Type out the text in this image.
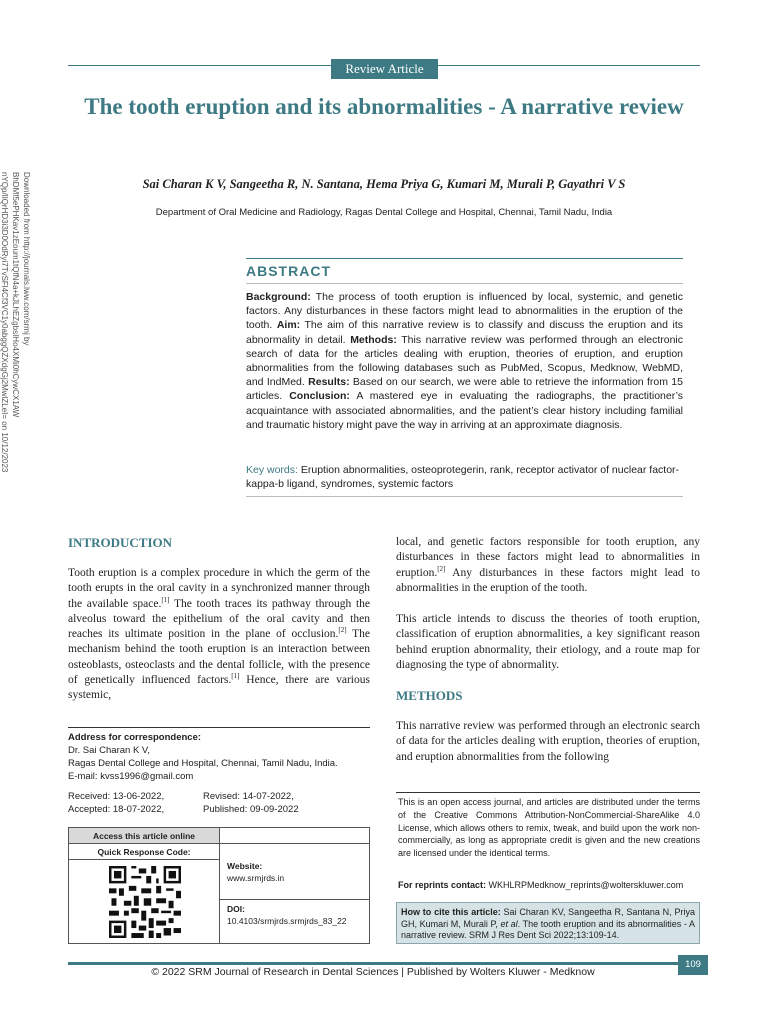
Review Article
The tooth eruption and its abnormalities - A narrative review
Sai Charan K V, Sangeetha R, N. Santana, Hema Priya G, Kumari M, Murali P, Gayathri V S
Department of Oral Medicine and Radiology, Ragas Dental College and Hospital, Chennai, Tamil Nadu, India
Downloaded from http://journals.lww.com/srmj by BhDMf5ePHKav1zEoum1tQfN4a+kJLhEZgbsIHo4XMi0hCywCX1AW nYQp/IlQrHD3i3D0OdRyi7TvSFl4Cf3VC1y0abggQZXdgGj2MwlZLeI= on 10/12/2023	ABSTRACT
Background: The process of tooth eruption is influenced by local, systemic, and genetic factors. Any disturbances in these factors might lead to abnormalities in the eruption of the tooth. Aim: The aim of this narrative review is to classify and discuss the eruption and its abnormality in detail. Methods: This narrative review was performed through an electronic search of data for the articles dealing with eruption, theories of eruption, and eruption abnormalities from the following databases such as PubMed, Scopus, Medknow, WebMD, and IndMed. Results: Based on our search, we were able to retrieve the information from 15 articles. Conclusion: A mastered eye in evaluating the radiographs, the practitioner’s acquaintance with associated abnormalities, and the patient’s clear history including familial and traumatic history might pave the way in arriving at an approximate diagnosis.
Key words: Eruption abnormalities, osteoprotegerin, rank, receptor activator of nuclear factor- kappa-b ligand, syndromes, systemic factors
INTRODUCTION
Tooth eruption is a complex procedure in which the germ of the tooth erupts in the oral cavity in a synchronized manner through the available space.[1] The tooth traces its pathway through the alveolus toward the epithelium of the oral cavity and then reaches its ultimate position in the plane of occlusion.[2] The mechanism behind the tooth eruption is an interaction between osteoblasts, osteoclasts and the dental follicle, with the presence of genetically influenced factors.[1] Hence, there are various systemic,
local, and genetic factors responsible for tooth eruption, any disturbances in these factors might lead to abnormalities in eruption.[2] Any disturbances in these factors might lead to abnormalities in the eruption of the tooth.
This article intends to discuss the theories of tooth eruption, classification of eruption abnormalities, a key significant reason behind eruption abnormality, their etiology, and a route map for diagnosing the type of abnormality.
METHODS
This narrative review was performed through an electronic search of data for the articles dealing with eruption, theories of eruption, and eruption abnormalities from the following
Address for correspondence:
Dr. Sai Charan K V,
Ragas Dental College and Hospital, Chennai, Tamil Nadu, India.
E-mail: kvss1996@gmail.com
Received: 13-06-2022,	Revised: 14-07-2022,
Accepted: 18-07-2022,	Published: 09-09-2022
Access this article online
Quick Response Code:
Website:
www.srmjrds.in
DOI:
10.4103/srmjrds.srmjrds_83_22
This is an open access journal, and articles are distributed under the terms of the Creative Commons Attribution-NonCommercial-ShareAlike 4.0 License, which allows others to remix, tweak, and build upon the work non-commercially, as long as appropriate credit is given and the new creations are licensed under the identical terms.
For reprints contact: WKHLRPMedknow_reprints@wolterskluwer.com
How to cite this article: Sai Charan KV, Sangeetha R, Santana N, Priya GH, Kumari M, Murali P, et al. The tooth eruption and its abnormalities - A narrative review. SRM J Res Dent Sci 2022;13:109-14.
109
© 2022 SRM Journal of Research in Dental Sciences | Published by Wolters Kluwer - Medknow
